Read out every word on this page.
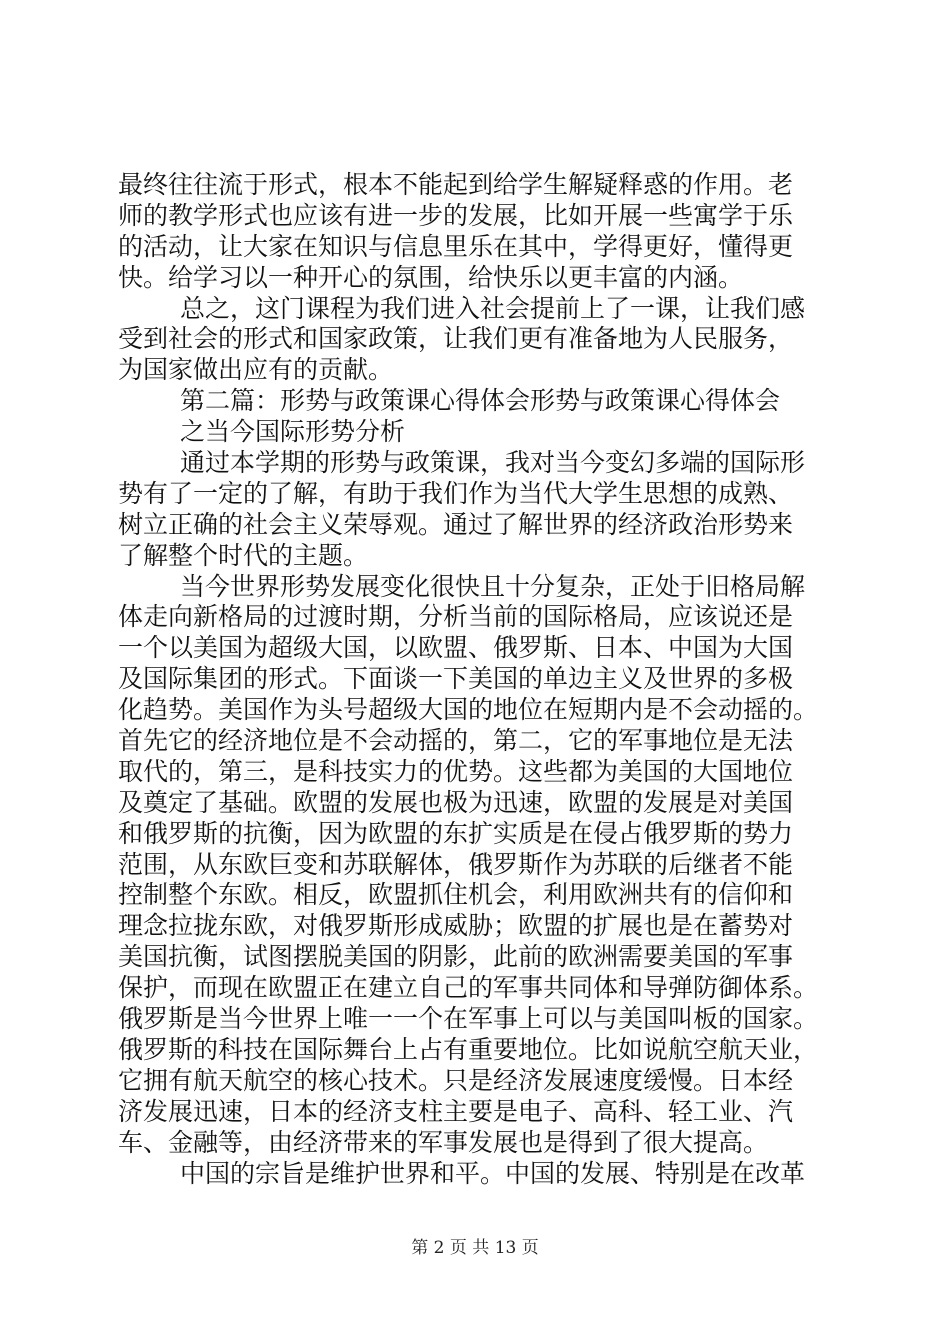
最终往往流于形式，根本不能起到给学生解疑释惑的作用。老
师的教学形式也应该有进一步的发展，比如开展一些寓学于乐
的活动，让大家在知识与信息里乐在其中，学得更好，懂得更
快。给学习以一种开心的氛围，给快乐以更丰富的内涵。
总之，这门课程为我们进入社会提前上了一课，让我们感
受到社会的形式和国家政策，让我们更有准备地为人民服务，
为国家做出应有的贡献。
第二篇：形势与政策课心得体会形势与政策课心得体会
之当今国际形势分析
通过本学期的形势与政策课，我对当今变幻多端的国际形
势有了一定的了解，有助于我们作为当代大学生思想的成熟、
树立正确的社会主义荣辱观。通过了解世界的经济政治形势来
了解整个时代的主题。
当今世界形势发展变化很快且十分复杂，正处于旧格局解
体走向新格局的过渡时期，分析当前的国际格局，应该说还是
一个以美国为超级大国，以欧盟、俄罗斯、日本、中国为大国
及国际集团的形式。下面谈一下美国的单边主义及世界的多极
化趋势。美国作为头号超级大国的地位在短期内是不会动摇的。
首先它的经济地位是不会动摇的，第二，它的军事地位是无法
取代的，第三，是科技实力的优势。这些都为美国的大国地位
及奠定了基础。欧盟的发展也极为迅速，欧盟的发展是对美国
和俄罗斯的抗衡，因为欧盟的东扩实质是在侵占俄罗斯的势力
范围，从东欧巨变和苏联解体，俄罗斯作为苏联的后继者不能
控制整个东欧。相反，欧盟抓住机会，利用欧洲共有的信仰和
理念拉拢东欧，对俄罗斯形成威胁；欧盟的扩展也是在蓄势对
美国抗衡，试图摆脱美国的阴影，此前的欧洲需要美国的军事
保护，而现在欧盟正在建立自己的军事共同体和导弹防御体系。
俄罗斯是当今世界上唯一一个在军事上可以与美国叫板的国家。
俄罗斯的科技在国际舞台上占有重要地位。比如说航空航天业，
它拥有航天航空的核心技术。只是经济发展速度缓慢。日本经
济发展迅速，日本的经济支柱主要是电子、高科、轻工业、汽
车、金融等，由经济带来的军事发展也是得到了很大提高。
中国的宗旨是维护世界和平。中国的发展、特别是在改革
第 2 页 共 13 页
